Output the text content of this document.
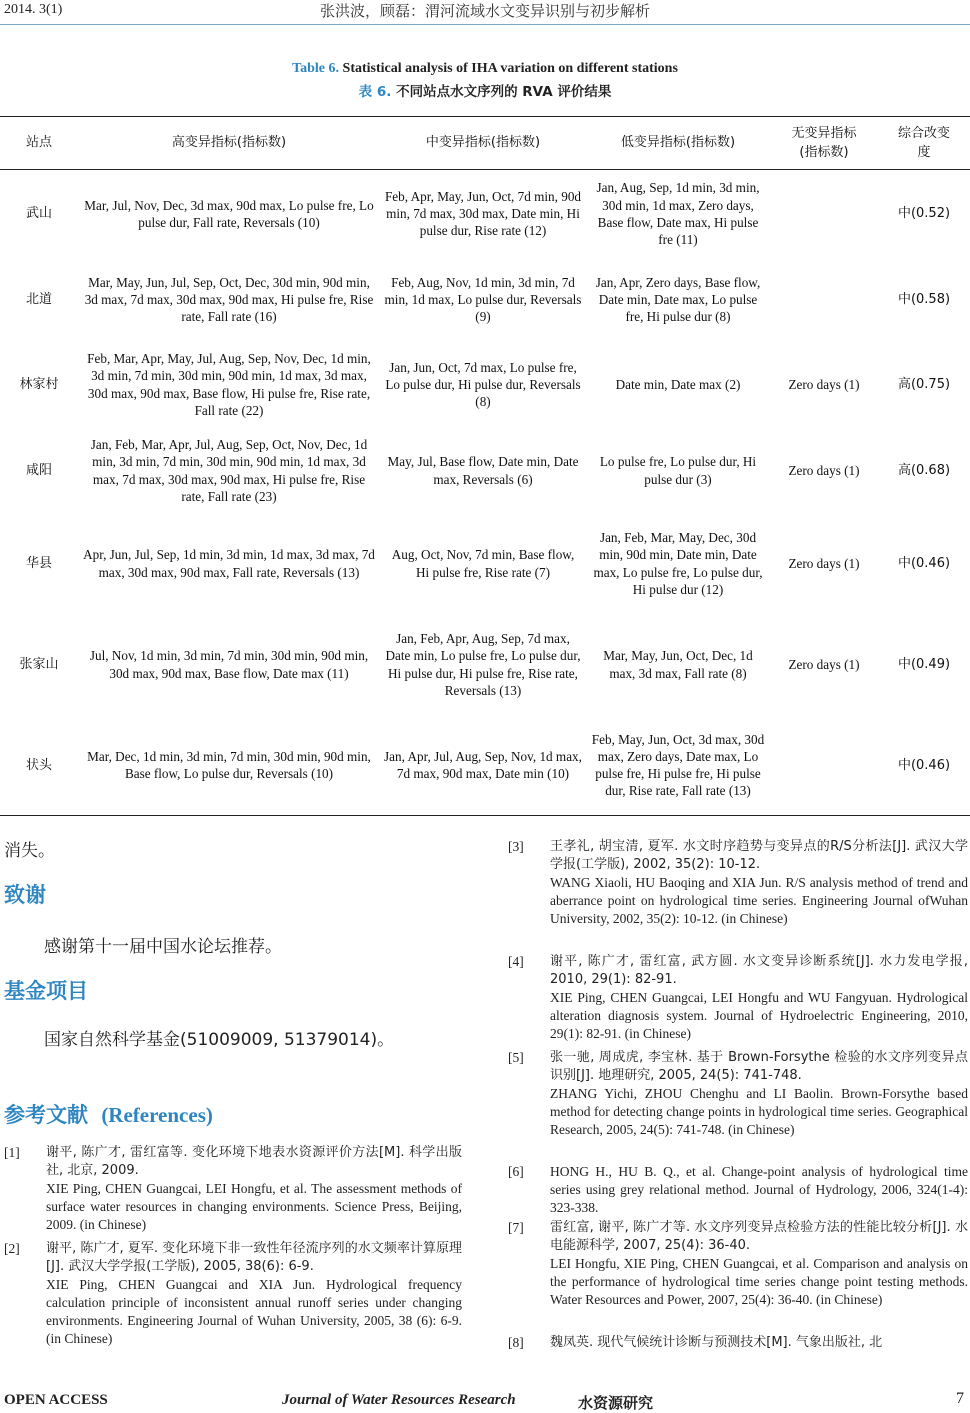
2014. 3(1)	张洪波，顾磊：渭河流域水文变异识别与初步解析
Table 6. Statistical analysis of IHA variation on different stations
表 6. 不同站点水文序列的 RVA 评价结果
站点	高变异指标(指标数)	中变异指标(指标数)	低变异指标(指标数)	无变异指标(指标数)	综合改变度
武山	Mar, Jul, Nov, Dec, 3d max, 90d max, Lo pulse fre, Lo pulse dur, Fall rate, Reversals (10)	Feb, Apr, May, Jun, Oct, 7d min, 90d min, 7d max, 30d max, Date min, Hi pulse dur, Rise rate (12)	Jan, Aug, Sep, 1d min, 3d min, 30d min, 1d max, Zero days, Base flow, Date max, Hi pulse fre (11)		中(0.52)
北道	Mar, May, Jun, Jul, Sep, Oct, Dec, 30d min, 90d min, 3d max, 7d max, 30d max, 90d max, Hi pulse fre, Rise rate, Fall rate (16)	Feb, Aug, Nov, 1d min, 3d min, 7d min, 1d max, Lo pulse dur, Reversals (9)	Jan, Apr, Zero days, Base flow, Date min, Date max, Lo pulse fre, Hi pulse dur (8)		中(0.58)
林家村	Feb, Mar, Apr, May, Jul, Aug, Sep, Nov, Dec, 1d min, 3d min, 7d min, 30d min, 90d min, 1d max, 3d max, 30d max, 90d max, Base flow, Hi pulse fre, Rise rate, Fall rate (22)	Jan, Jun, Oct, 7d max, Lo pulse fre, Lo pulse dur, Hi pulse dur, Reversals (8)	Date min, Date max (2)	Zero days (1)	高(0.75)
咸阳	Jan, Feb, Mar, Apr, Jul, Aug, Sep, Oct, Nov, Dec, 1d min, 3d min, 7d min, 30d min, 90d min, 1d max, 3d max, 7d max, 30d max, 90d max, Hi pulse fre, Rise rate, Fall rate (23)	May, Jul, Base flow, Date min, Date max, Reversals (6)	Lo pulse fre, Lo pulse dur, Hi pulse dur (3)	Zero days (1)	高(0.68)
华县	Apr, Jun, Jul, Sep, 1d min, 3d min, 1d max, 3d max, 7d max, 30d max, 90d max, Fall rate, Reversals (13)	Aug, Oct, Nov, 7d min, Base flow, Hi pulse fre, Rise rate (7)	Jan, Feb, Mar, May, Dec, 30d min, 90d min, Date min, Date max, Lo pulse fre, Lo pulse dur, Hi pulse dur (12)	Zero days (1)	中(0.46)
张家山	Jul, Nov, 1d min, 3d min, 7d min, 30d min, 90d min, 30d max, 90d max, Base flow, Date max (11)	Jan, Feb, Apr, Aug, Sep, 7d max, Date min, Lo pulse fre, Lo pulse dur, Hi pulse dur, Hi pulse fre, Rise rate, Reversals (13)	Mar, May, Jun, Oct, Dec, 1d max, 3d max, Fall rate (8)	Zero days (1)	中(0.49)
状头	Mar, Dec, 1d min, 3d min, 7d min, 30d min, 90d min, Base flow, Lo pulse dur, Reversals (10)	Jan, Apr, Jul, Aug, Sep, Nov, 1d max, 7d max, 90d max, Date min (10)	Feb, May, Jun, Oct, 3d max, 30d max, Zero days, Date max, Lo pulse fre, Hi pulse fre, Hi pulse dur, Rise rate, Fall rate (13)		中(0.46)
消失。
致谢
感谢第十一届中国水论坛推荐。
基金项目
国家自然科学基金(51009009, 51379014)。
参考文献 (References)
[1] 谢平, 陈广才, 雷红富等. 变化环境下地表水资源评价方法[M]. 科学出版社, 北京, 2009.
XIE Ping, CHEN Guangcai, LEI Hongfu, et al. The assessment methods of surface water resources in changing environments. Science Press, Beijing, 2009. (in Chinese)
[2] 谢平, 陈广才, 夏军. 变化环境下非一致性年径流序列的水文频率计算原理[J]. 武汉大学学报(工学版), 2005, 38(6): 6-9.
XIE Ping, CHEN Guangcai and XIA Jun. Hydrological frequency calculation principle of inconsistent annual runoff series under changing environments. Engineering Journal of Wuhan University, 2005, 38 (6): 6-9. (in Chinese)
[3] 王孝礼, 胡宝清, 夏军. 水文时序趋势与变异点的R/S分析法[J]. 武汉大学学报(工学版), 2002, 35(2): 10-12.
WANG Xiaoli, HU Baoqing and XIA Jun. R/S analysis method of trend and aberrance point on hydrological time series. Engineering Journal ofWuhan University, 2002, 35(2): 10-12. (in Chinese)
[4] 谢平, 陈广才, 雷红富, 武方圆. 水文变异诊断系统[J]. 水力发电学报, 2010, 29(1): 82-91.
XIE Ping, CHEN Guangcai, LEI Hongfu and WU Fangyuan. Hydrological alteration diagnosis system. Journal of Hydroelectric Engineering, 2010, 29(1): 82-91. (in Chinese)
[5] 张一驰, 周成虎, 李宝林. 基于 Brown-Forsythe 检验的水文序列变异点识别[J]. 地理研究, 2005, 24(5): 741-748.
ZHANG Yichi, ZHOU Chenghu and LI Baolin. Brown-Forsythe based method for detecting change points in hydrological time series. Geographical Research, 2005, 24(5): 741-748. (in Chinese)
[6] HONG H., HU B. Q., et al. Change-point analysis of hydrological time series using grey relational method. Journal of Hydrology, 2006, 324(1-4): 323-338.
[7] 雷红富, 谢平, 陈广才等. 水文序列变异点检验方法的性能比较分析[J]. 水电能源科学, 2007, 25(4): 36-40.
LEI Hongfu, XIE Ping, CHEN Guangcai, et al. Comparison and analysis on the performance of hydrological time series change point testing methods. Water Resources and Power, 2007, 25(4): 36-40. (in Chinese)
[8] 魏凤英. 现代气候统计诊断与预测技术[M]. 气象出版社, 北
OPEN ACCESS	Journal of Water Resources Research	水资源研究	7
